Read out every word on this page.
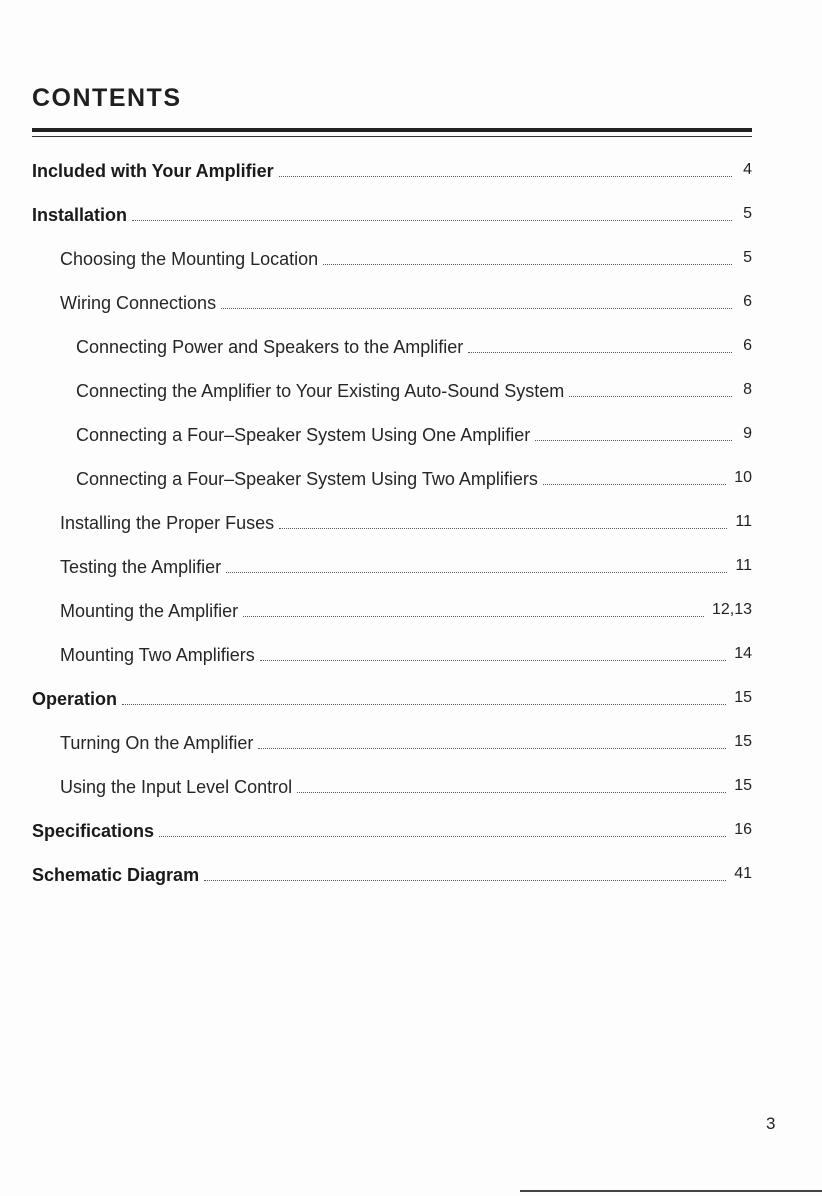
CONTENTS
Included with Your Amplifier	4
Installation	5
Choosing the Mounting Location	5
Wiring Connections	6
Connecting Power and Speakers to the Amplifier	6
Connecting the Amplifier to Your Existing Auto-Sound System	8
Connecting a Four–Speaker System Using One Amplifier	9
Connecting a Four–Speaker System Using Two Amplifiers	10
Installing the Proper Fuses	11
Testing the Amplifier	11
Mounting the Amplifier	12,13
Mounting Two Amplifiers	14
Operation	15
Turning On the Amplifier	15
Using the Input Level Control	15
Specifications	16
Schematic Diagram	41
3
